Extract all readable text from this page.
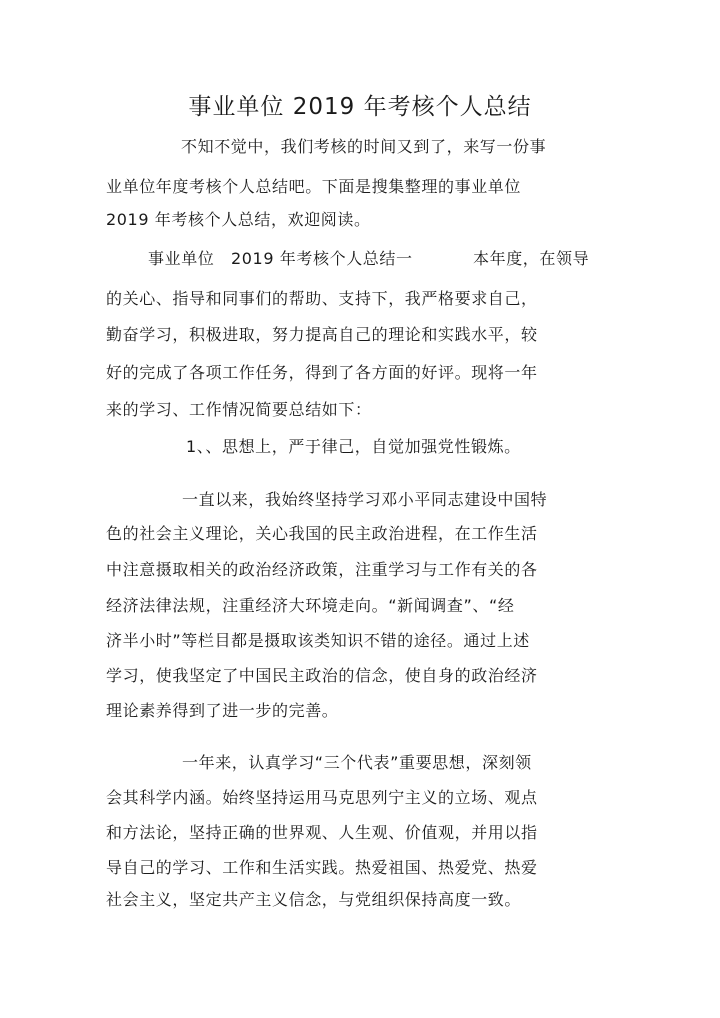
事业单位 2019 年考核个人总结

不知不觉中，我们考核的时间又到了，来写一份事

业单位年度考核个人总结吧。下面是搜集整理的事业单位

2019 年考核个人总结，欢迎阅读。

事业单位　2019 年考核个人总结一	本年度，在领导

的关心、指导和同事们的帮助、支持下，我严格要求自己，

勤奋学习，积极进取，努力提高自己的理论和实践水平，较

好的完成了各项工作任务，得到了各方面的好评。现将一年

来的学习、工作情况简要总结如下：

1、、思想上，严于律己，自觉加强党性锻炼。

一直以来，我始终坚持学习邓小平同志建设中国特

色的社会主义理论，关心我国的民主政治进程，在工作生活

中注意摄取相关的政治经济政策，注重学习与工作有关的各

经济法律法规，注重经济大环境走向。“新闻调查”、“经

济半小时”等栏目都是摄取该类知识不错的途径。通过上述

学习，使我坚定了中国民主政治的信念，使自身的政治经济

理论素养得到了进一步的完善。

一年来，认真学习“三个代表”重要思想，深刻领

会其科学内涵。始终坚持运用马克思列宁主义的立场、观点

和方法论，坚持正确的世界观、人生观、价值观，并用以指

导自己的学习、工作和生活实践。热爱祖国、热爱党、热爱

社会主义，坚定共产主义信念，与党组织保持高度一致。
